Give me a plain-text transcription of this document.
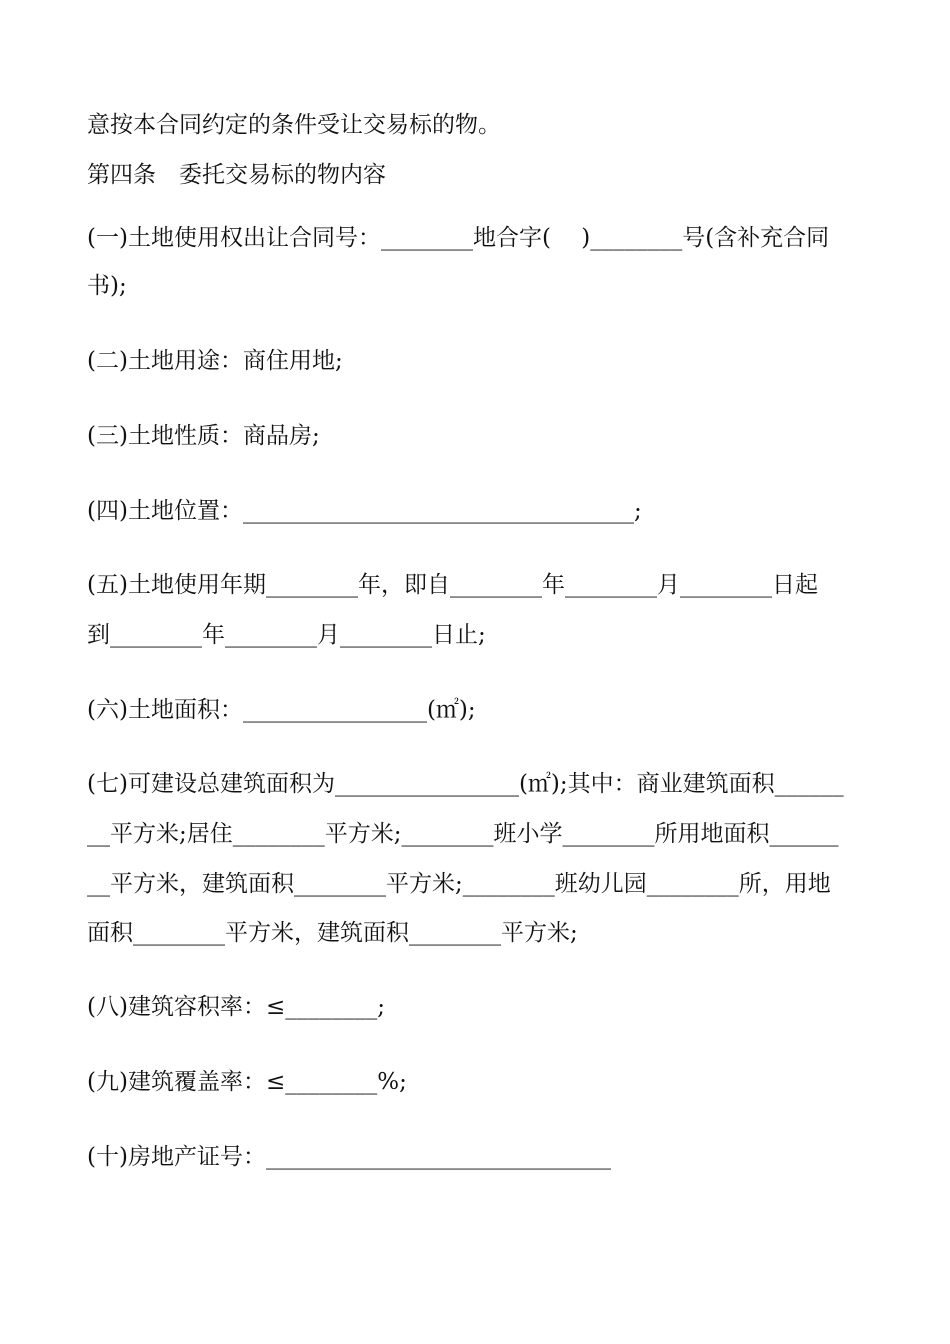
意按本合同约定的条件受让交易标的物。
第四条　委托交易标的物内容
(一)土地使用权出让合同号：________地合字(　 )________号(含补充合同
书);
(二)土地用途：商住用地;
(三)土地性质：商品房;
(四)土地位置：__________________________________;
(五)土地使用年期________年，即自________年________月________日起
到________年________月________日止;
(六)土地面积：________________(㎡);
(七)可建设总建筑面积为________________(㎡);其中：商业建筑面积______
__平方米;居住________平方米;________班小学________所用地面积______
__平方米，建筑面积________平方米;________班幼儿园________所，用地
面积________平方米，建筑面积________平方米;
(八)建筑容积率：≤________;
(九)建筑覆盖率：≤________%;
(十)房地产证号：______________________________
